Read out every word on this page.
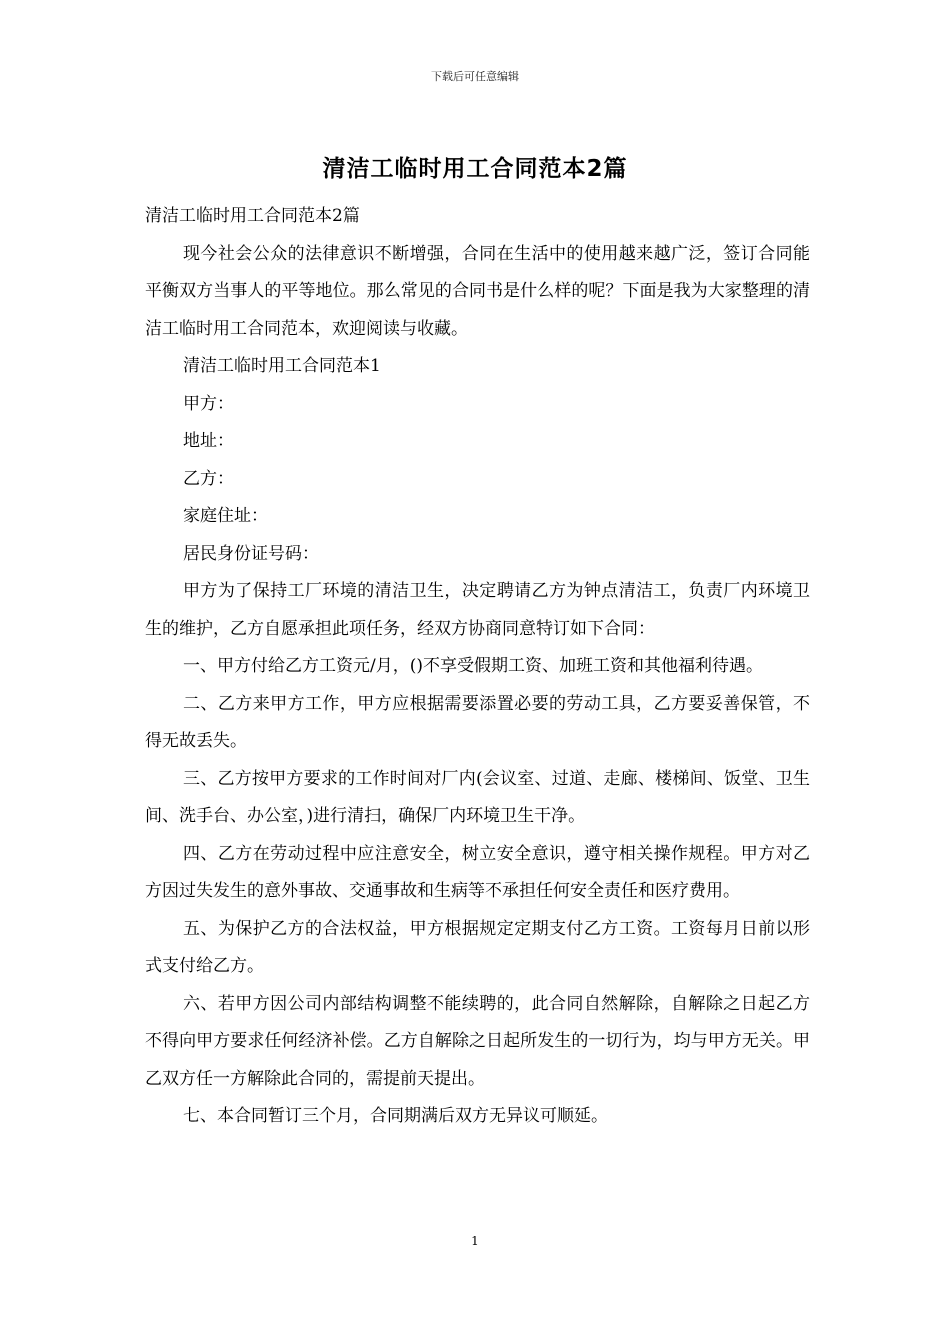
下载后可任意编辑
清洁工临时用工合同范本2篇

清洁工临时用工合同范本2篇

现今社会公众的法律意识不断增强，合同在生活中的使用越来越广泛，签订合同能平衡双方当事人的平等地位。那么常见的合同书是什么样的呢？下面是我为大家整理的清洁工临时用工合同范本，欢迎阅读与收藏。

清洁工临时用工合同范本1

甲方：

地址：

乙方：

家庭住址：

居民身份证号码：

甲方为了保持工厂环境的清洁卫生，决定聘请乙方为钟点清洁工，负责厂内环境卫生的维护，乙方自愿承担此项任务，经双方协商同意特订如下合同：

一、甲方付给乙方工资元/月，()不享受假期工资、加班工资和其他福利待遇。

二、乙方来甲方工作，甲方应根据需要添置必要的劳动工具，乙方要妥善保管，不得无故丢失。

三、乙方按甲方要求的工作时间对厂内(会议室、过道、走廊、楼梯间、饭堂、卫生间、洗手台、办公室，)进行清扫，确保厂内环境卫生干净。

四、乙方在劳动过程中应注意安全，树立安全意识，遵守相关操作规程。甲方对乙方因过失发生的意外事故、交通事故和生病等不承担任何安全责任和医疗费用。

五、为保护乙方的合法权益，甲方根据规定定期支付乙方工资。工资每月日前以形式支付给乙方。

六、若甲方因公司内部结构调整不能续聘的，此合同自然解除，自解除之日起乙方不得向甲方要求任何经济补偿。乙方自解除之日起所发生的一切行为，均与甲方无关。甲乙双方任一方解除此合同的，需提前天提出。

七、本合同暂订三个月，合同期满后双方无异议可顺延。

1
